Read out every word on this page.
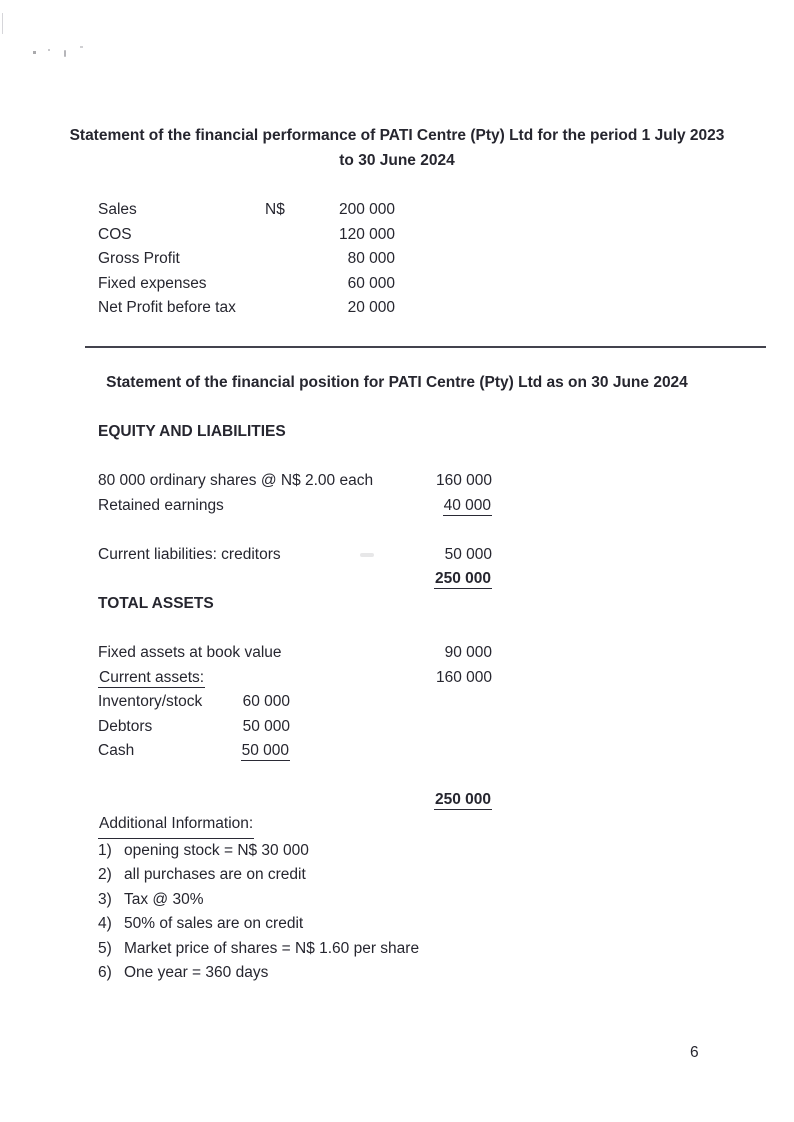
Statement of the financial performance of PATI Centre (Pty) Ltd for the period 1 July 2023
to 30 June 2024
Sales	N$	200 000
COS	120 000
Gross Profit	80 000
Fixed expenses	60 000
Net Profit before tax	20 000
Statement of the financial position for PATI Centre (Pty) Ltd as on 30 June 2024
EQUITY AND LIABILITIES
80 000 ordinary shares @ N$ 2.00 each	160 000
Retained earnings	40 000
Current liabilities: creditors	50 000
250 000
TOTAL ASSETS
Fixed assets at book value	90 000
Current assets:	160 000
Inventory/stock	60 000
Debtors	50 000
Cash	50 000
250 000
Additional Information:
1) opening stock = N$ 30 000
2) all purchases are on credit
3) Tax @ 30%
4) 50% of sales are on credit
5) Market price of shares = N$ 1.60 per share
6) One year = 360 days
6
